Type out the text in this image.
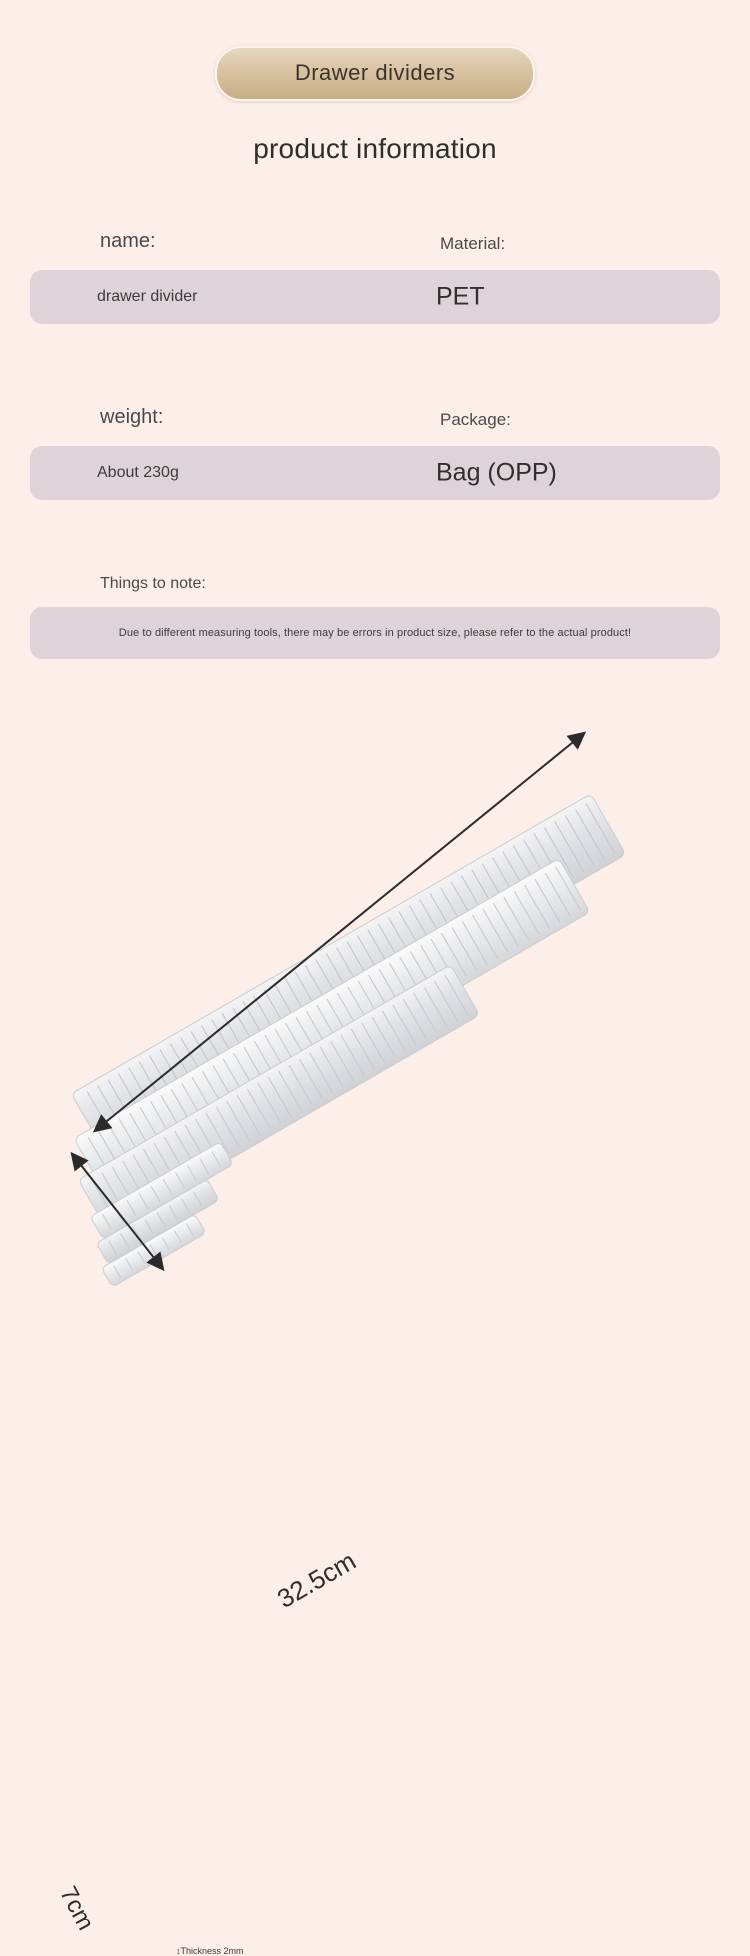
Drawer dividers
product information
name:	Material:
drawer divider	PET
weight:	Package:
About 230g	Bag (OPP)
Things to note:
Due to different measuring tools, there may be errors in product size, please refer to the actual product!
32.5cm
7cm
↕Thickness 2mm
